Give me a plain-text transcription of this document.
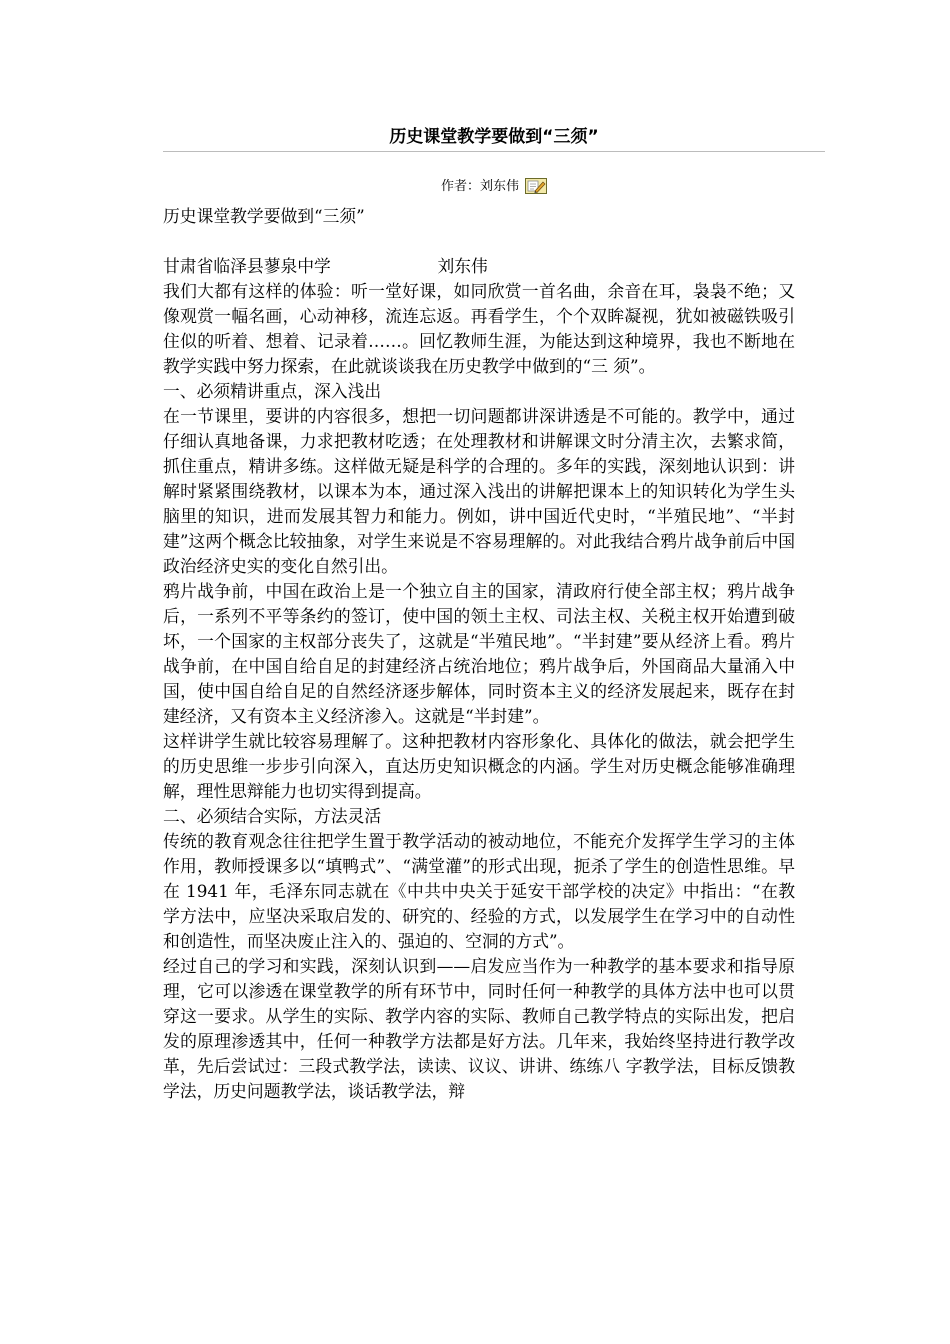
历史课堂教学要做到“三须”
作者：刘东伟

历史课堂教学要做到“三须”

甘肃省临泽县蓼泉中学                    刘东伟

我们大都有这样的体验：听一堂好课，如同欣赏一首名曲，余音在耳，袅袅不绝；又像观赏一幅名画，心动神移，流连忘返。再看学生，个个双眸凝视，犹如被磁铁吸引住似的听着、想着、记录着……。回忆教师生涯，为能达到这种境界，我也不断地在教学实践中努力探索，在此就谈谈我在历史教学中做到的“三 须”。

一、必须精讲重点，深入浅出

在一节课里，要讲的内容很多，想把一切问题都讲深讲透是不可能的。教学中，通过仔细认真地备课，力求把教材吃透；在处理教材和讲解课文时分清主次，去繁求简，抓住重点，精讲多练。这样做无疑是科学的合理的。多年的实践，深刻地认识到：讲解时紧紧围绕教材，以课本为本，通过深入浅出的讲解把课本上的知识转化为学生头脑里的知识，进而发展其智力和能力。例如，讲中国近代史时，“半殖民地”、“半封建”这两个概念比较抽象，对学生来说是不容易理解的。对此我结合鸦片战争前后中国政治经济史实的变化自然引出。

鸦片战争前，中国在政治上是一个独立自主的国家，清政府行使全部主权；鸦片战争后，一系列不平等条约的签订，使中国的领土主权、司法主权、关税主权开始遭到破坏，一个国家的主权部分丧失了，这就是“半殖民地”。“半封建”要从经济上看。鸦片战争前，在中国自给自足的封建经济占统治地位；鸦片战争后，外国商品大量涌入中国，使中国自给自足的自然经济逐步解体，同时资本主义的经济发展起来，既存在封建经济，又有资本主义经济渗入。这就是“半封建”。

这样讲学生就比较容易理解了。这种把教材内容形象化、具体化的做法，就会把学生的历史思维一步步引向深入，直达历史知识概念的内涵。学生对历史概念能够准确理解，理性思辩能力也切实得到提高。

二、必须结合实际，方法灵活

传统的教育观念往往把学生置于教学活动的被动地位，不能充介发挥学生学习的主体作用，教师授课多以“填鸭式”、“满堂灌”的形式出现，扼杀了学生的创造性思维。早在 1941 年，毛泽东同志就在《中共中央关于延安干部学校的决定》中指出：“在教学方法中，应坚决采取启发的、研究的、经验的方式，以发展学生在学习中的自动性和创造性，而坚决废止注入的、强迫的、空洞的方式”。

经过自己的学习和实践，深刻认识到——启发应当作为一种教学的基本要求和指导原理，它可以渗透在课堂教学的所有环节中，同时任何一种教学的具体方法中也可以贯穿这一要求。从学生的实际、教学内容的实际、教师自己教学特点的实际出发，把启发的原理渗透其中，任何一种教学方法都是好方法。几年来，我始终坚持进行教学改革，先后尝试过：三段式教学法，读读、议议、讲讲、练练八 字教学法，目标反馈教学法，历史问题教学法，谈话教学法，辩
